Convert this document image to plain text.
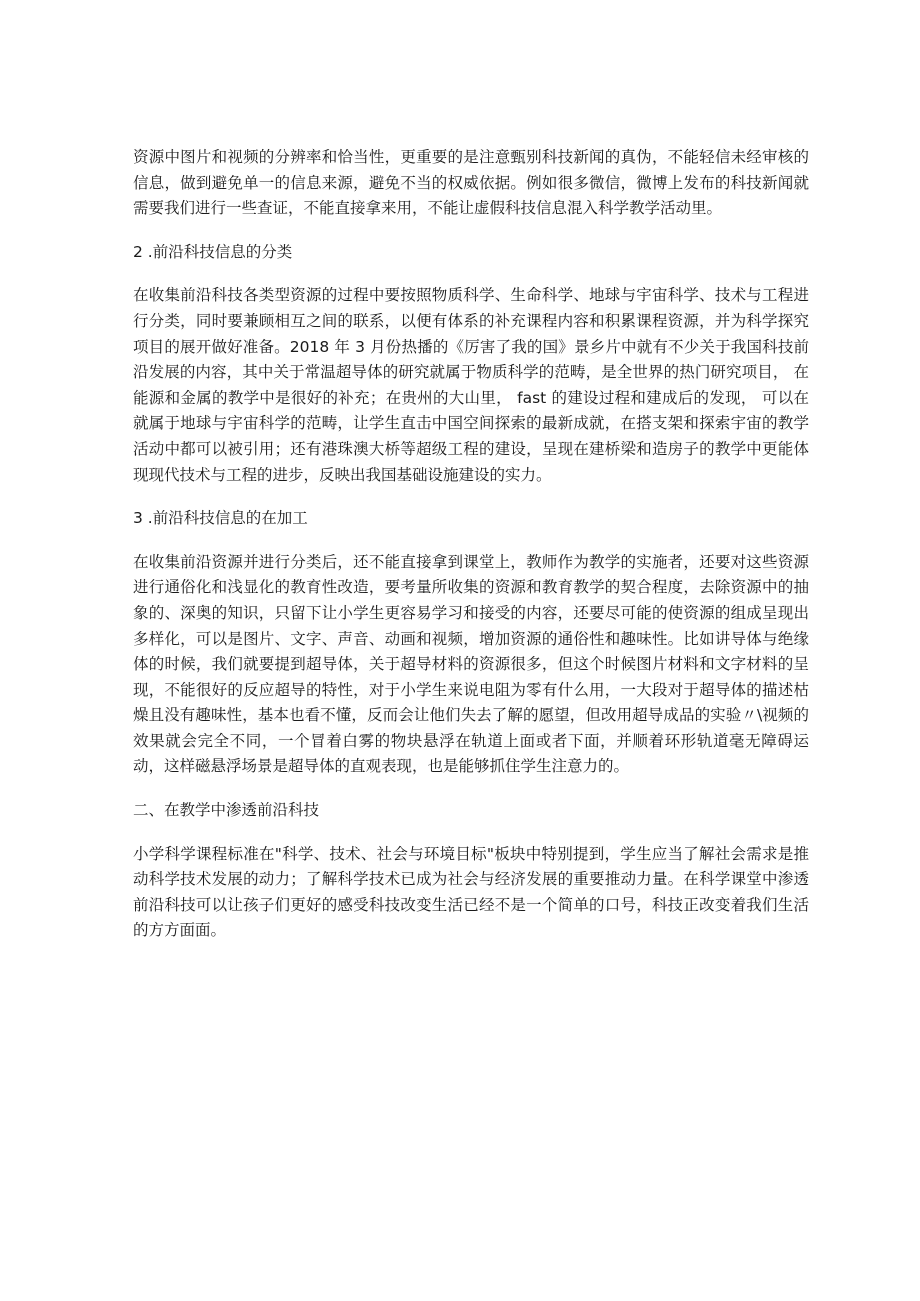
资源中图片和视频的分辨率和恰当性，更重要的是注意甄别科技新闻的真伪，不能轻信未经审核的信息，做到避免单一的信息来源，避免不当的权威依据。例如很多微信，微博上发布的科技新闻就需要我们进行一些查证，不能直接拿来用，不能让虚假科技信息混入科学教学活动里。

2 .前沿科技信息的分类

在收集前沿科技各类型资源的过程中要按照物质科学、生命科学、地球与宇宙科学、技术与工程进行分类，同时要兼顾相互之间的联系，以便有体系的补充课程内容和积累课程资源，并为科学探究项目的展开做好准备。2018 年 3 月份热播的《厉害了我的国》景乡片中就有不少关于我国科技前沿发展的内容，其中关于常温超导体的研究就属于物质科学的范畴，是全世界的热门研究项目， 在能源和金属的教学中是很好的补充；在贵州的大山里， fast 的建设过程和建成后的发现， 可以在就属于地球与宇宙科学的范畴，让学生直击中国空间探索的最新成就，在搭支架和探索宇宙的教学活动中都可以被引用；还有港珠澳大桥等超级工程的建设，呈现在建桥梁和造房子的教学中更能体现现代技术与工程的进步，反映出我国基础设施建设的实力。

3 .前沿科技信息的在加工

在收集前沿资源并进行分类后，还不能直接拿到课堂上，教师作为教学的实施者，还要对这些资源进行通俗化和浅显化的教育性改造，要考量所收集的资源和教育教学的契合程度，去除资源中的抽象的、深奥的知识，只留下让小学生更容易学习和接受的内容，还要尽可能的使资源的组成呈现出多样化，可以是图片、文字、声音、动画和视频，增加资源的通俗性和趣味性。比如讲导体与绝缘体的时候，我们就要提到超导体，关于超导材料的资源很多，但这个时候图片材料和文字材料的呈现，不能很好的反应超导的特性，对于小学生来说电阻为零有什么用，一大段对于超导体的描述枯燥且没有趣味性，基本也看不懂，反而会让他们失去了解的愿望，但改用超导成品的实验〃\视频的效果就会完全不同，一个冒着白雾的物块悬浮在轨道上面或者下面，并顺着环形轨道毫无障碍运动，这样磁悬浮场景是超导体的直观表现，也是能够抓住学生注意力的。

二、在教学中渗透前沿科技

小学科学课程标准在"科学、技术、社会与环境目标"板块中特别提到，学生应当了解社会需求是推动科学技术发展的动力；了解科学技术已成为社会与经济发展的重要推动力量。在科学课堂中渗透前沿科技可以让孩子们更好的感受科技改变生活已经不是一个简单的口号，科技正改变着我们生活的方方面面。
